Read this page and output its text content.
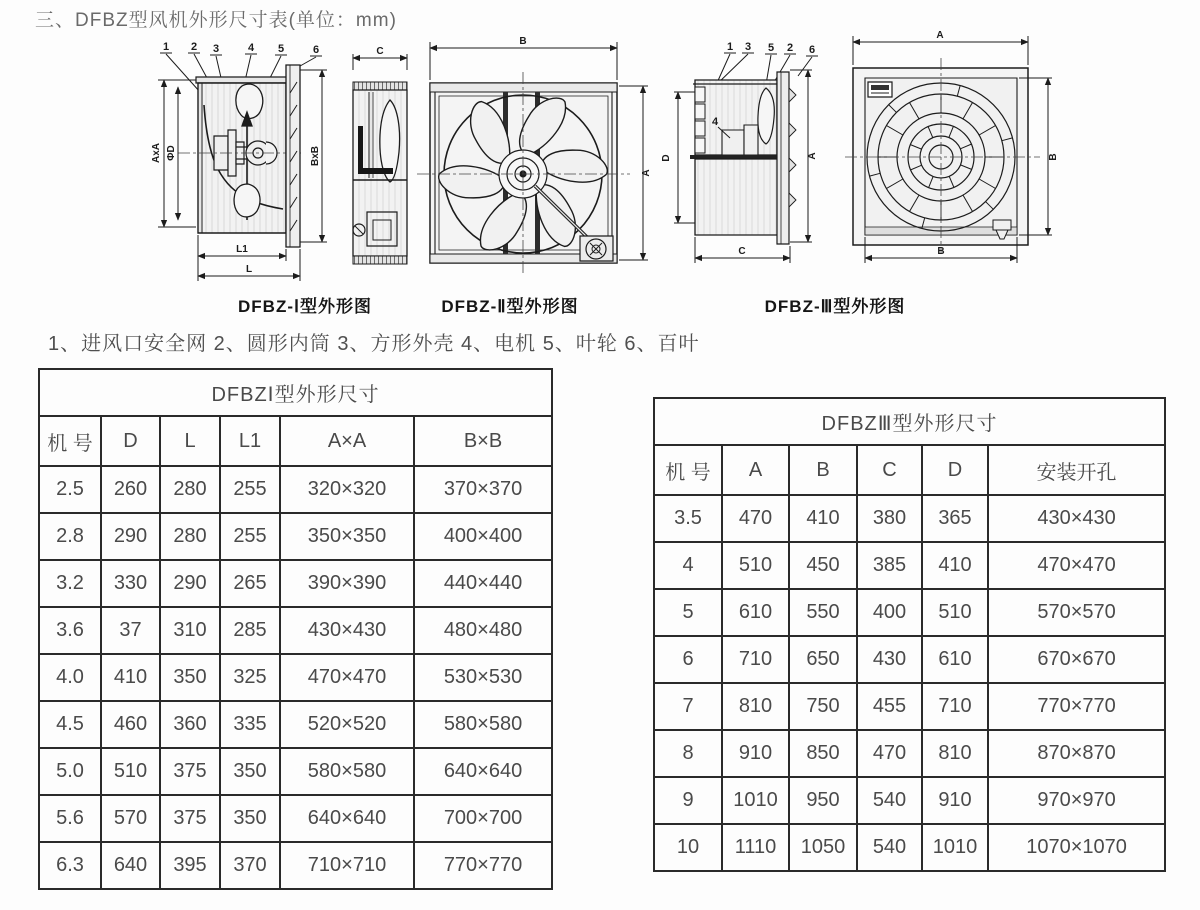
三、DFBZ型风机外形尺寸表(单位：mm)
1 2 3	4 5	6
AxA ΦD	BxB
L1
L
C
B
A
1 3 5 2 6
4
D	A
C
A
B
B
DFBZ-Ⅰ型外形图	DFBZ-Ⅱ型外形图	DFBZ-Ⅲ型外形图
1、进风口安全网 2、圆形内筒 3、方形外壳 4、电机 5、叶轮 6、百叶
DFBZⅠ型外形尺寸					
机 号	D	L	L1	A×A	B×B
2.5	260	280	255	320×320	370×370
2.8	290	280	255	350×350	400×400
3.2	330	290	265	390×390	440×440
3.6	37	310	285	430×430	480×480
4.0	410	350	325	470×470	530×530
4.5	460	360	335	520×520	580×580
5.0	510	375	350	580×580	640×640
5.6	570	375	350	640×640	700×700
6.3	640	395	370	710×710	770×770
DFBZⅢ型外形尺寸					
机 号	A	B	C	D	安装开孔
3.5	470	410	380	365	430×430
4	510	450	385	410	470×470
5	610	550	400	510	570×570
6	710	650	430	610	670×670
7	810	750	455	710	770×770
8	910	850	470	810	870×870
9	1010	950	540	910	970×970
10	1110	1050	540	1010	1070×1070
